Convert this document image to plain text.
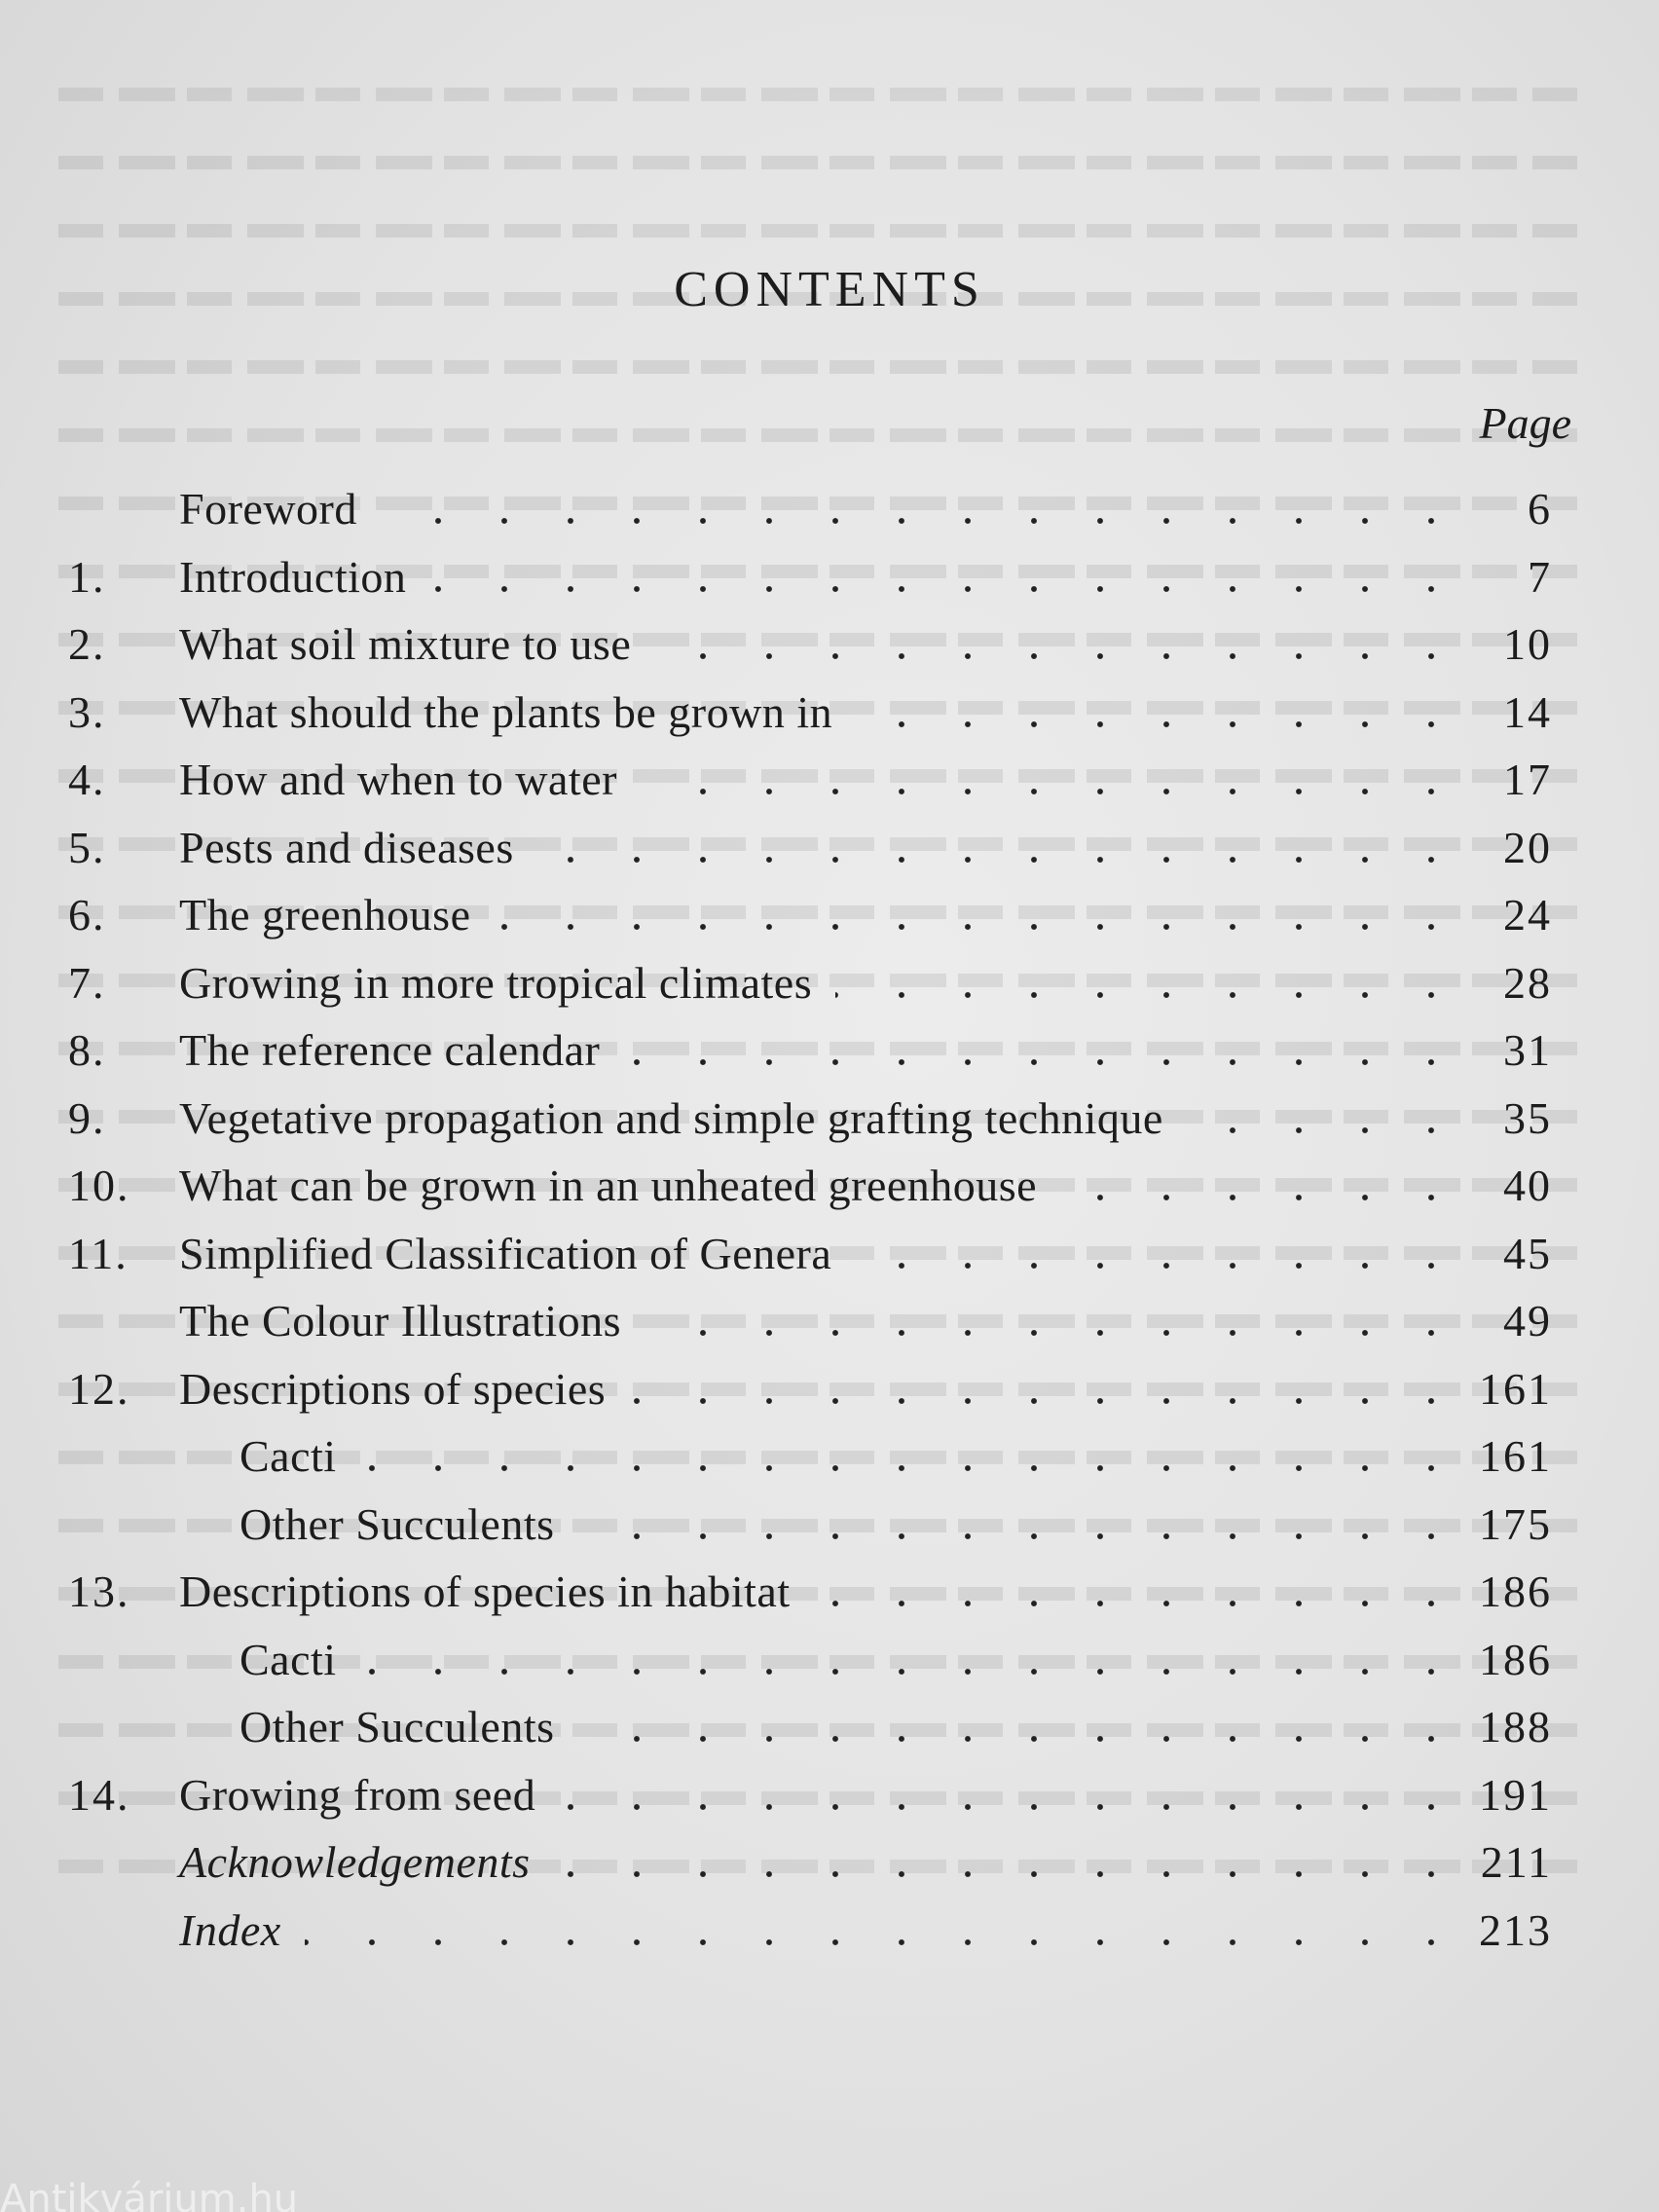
CONTENTS
Page
Foreword	6
1.	Introduction	7
2.	What soil mixture to use	10
3.	What should the plants be grown in	14
4.	How and when to water	17
5.	Pests and diseases	20
6.	The greenhouse	24
7.	Growing in more tropical climates	28
8.	The reference calendar	31
9.	Vegetative propagation and simple grafting technique	35
10.	What can be grown in an unheated greenhouse	40
11.	Simplified Classification of Genera	45
The Colour Illustrations	49
12.	Descriptions of species	161
Cacti	161
Other Succulents	175
13.	Descriptions of species in habitat	186
Cacti	186
Other Succulents	188
14.	Growing from seed	191
Acknowledgements	211
Index	213
Antikvárium.hu
